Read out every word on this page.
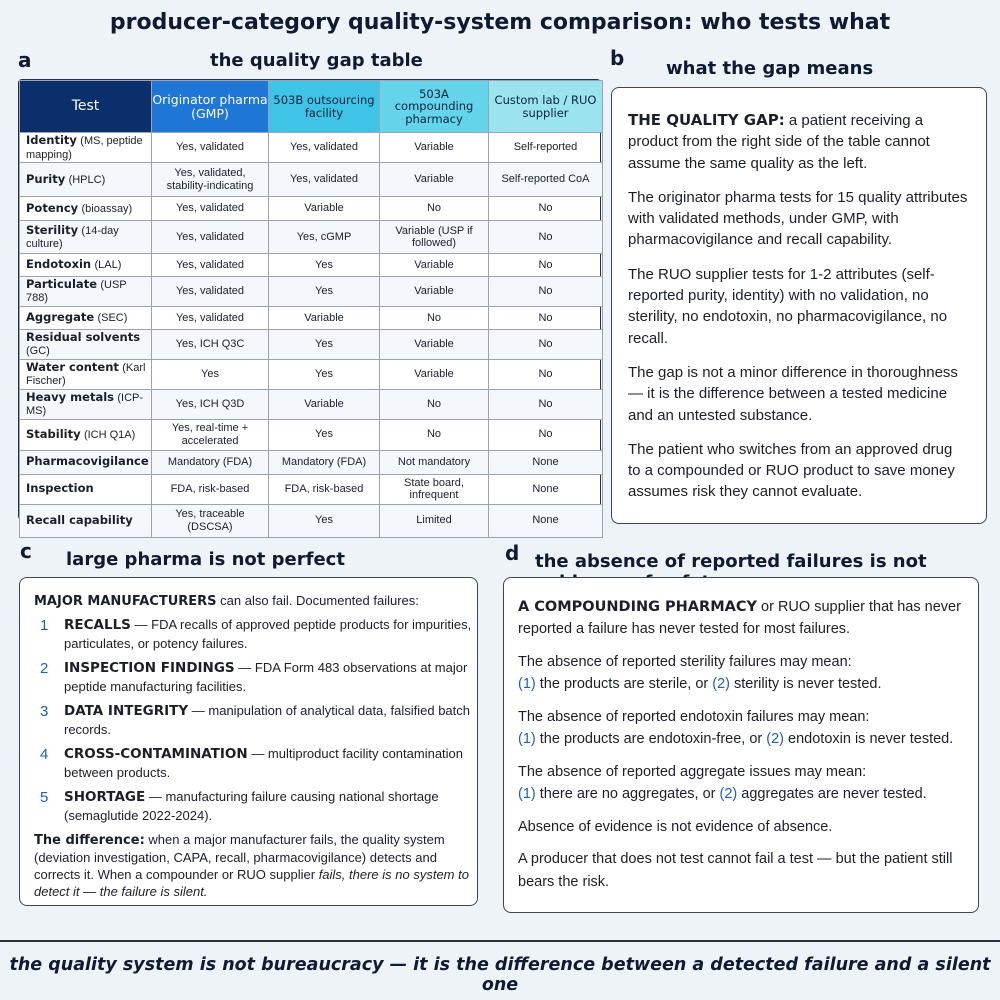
producer-category quality-system comparison: who tests what
a	the quality gap table
Test	Originator pharma (GMP)	503B outsourcing facility	503A compounding pharmacy	Custom lab / RUO supplier
Identity (MS, peptide mapping)	Yes, validated	Yes, validated	Variable	Self-reported
Purity (HPLC)	Yes, validated, stability-indicating	Yes, validated	Variable	Self-reported CoA
Potency (bioassay)	Yes, validated	Variable	No	No
Sterility (14-day culture)	Yes, validated	Yes, cGMP	Variable (USP if followed)	No
Endotoxin (LAL)	Yes, validated	Yes	Variable	No
Particulate (USP 788)	Yes, validated	Yes	Variable	No
Aggregate (SEC)	Yes, validated	Variable	No	No
Residual solvents (GC)	Yes, ICH Q3C	Yes	Variable	No
Water content (Karl Fischer)	Yes	Yes	Variable	No
Heavy metals (ICP-MS)	Yes, ICH Q3D	Variable	No	No
Stability (ICH Q1A)	Yes, real-time + accelerated	Yes	No	No
Pharmacovigilance	Mandatory (FDA)	Mandatory (FDA)	Not mandatory	None
Inspection	FDA, risk-based	FDA, risk-based	State board, infrequent	None
Recall capability	Yes, traceable (DSCSA)	Yes	Limited	None
b what the gap means

THE QUALITY GAP: a patient receiving a product from the right side of the table cannot assume the same quality as the left.

The originator pharma tests for 15 quality attributes with validated methods, under GMP, with pharmacovigilance and recall capability.

The RUO supplier tests for 1-2 attributes (self-reported purity, identity) with no validation, no sterility, no endotoxin, no pharmacovigilance, no recall.

The gap is not a minor difference in thoroughness — it is the difference between a tested medicine and an untested substance.

The patient who switches from an approved drug to a compounded or RUO product to save money assumes risk they cannot evaluate.

c large pharma is not perfect
MAJOR MANUFACTURERS can also fail. Documented failures:
1 RECALLS — FDA recalls of approved peptide products for impurities, particulates, or potency failures.
2 INSPECTION FINDINGS — FDA Form 483 observations at major peptide manufacturing facilities.
3 DATA INTEGRITY — manipulation of analytical data, falsified batch records.
4 CROSS-CONTAMINATION — multiproduct facility contamination between products.
5 SHORTAGE — manufacturing failure causing national shortage (semaglutide 2022-2024).
The difference: when a major manufacturer fails, the quality system (deviation investigation, CAPA, recall, pharmacovigilance) detects and corrects it. When a compounder or RUO supplier fails, there is no system to detect it — the failure is silent.
d the absence of reported failures is not

A COMPOUNDING PHARMACY or RUO supplier that has never reported a failure has never tested for most failures.

The absence of reported sterility failures may mean:
(1) the products are sterile, or (2) sterility is never tested.

The absence of reported endotoxin failures may mean:
(1) the products are endotoxin-free, or (2) endotoxin is never tested.

The absence of reported aggregate issues may mean:
(1) there are no aggregates, or (2) aggregates are never tested.

Absence of evidence is not evidence of absence.

A producer that does not test cannot fail a test — but the patient still bears the risk.

the quality system is not bureaucracy — it is the difference between a detected failure and a silent one
